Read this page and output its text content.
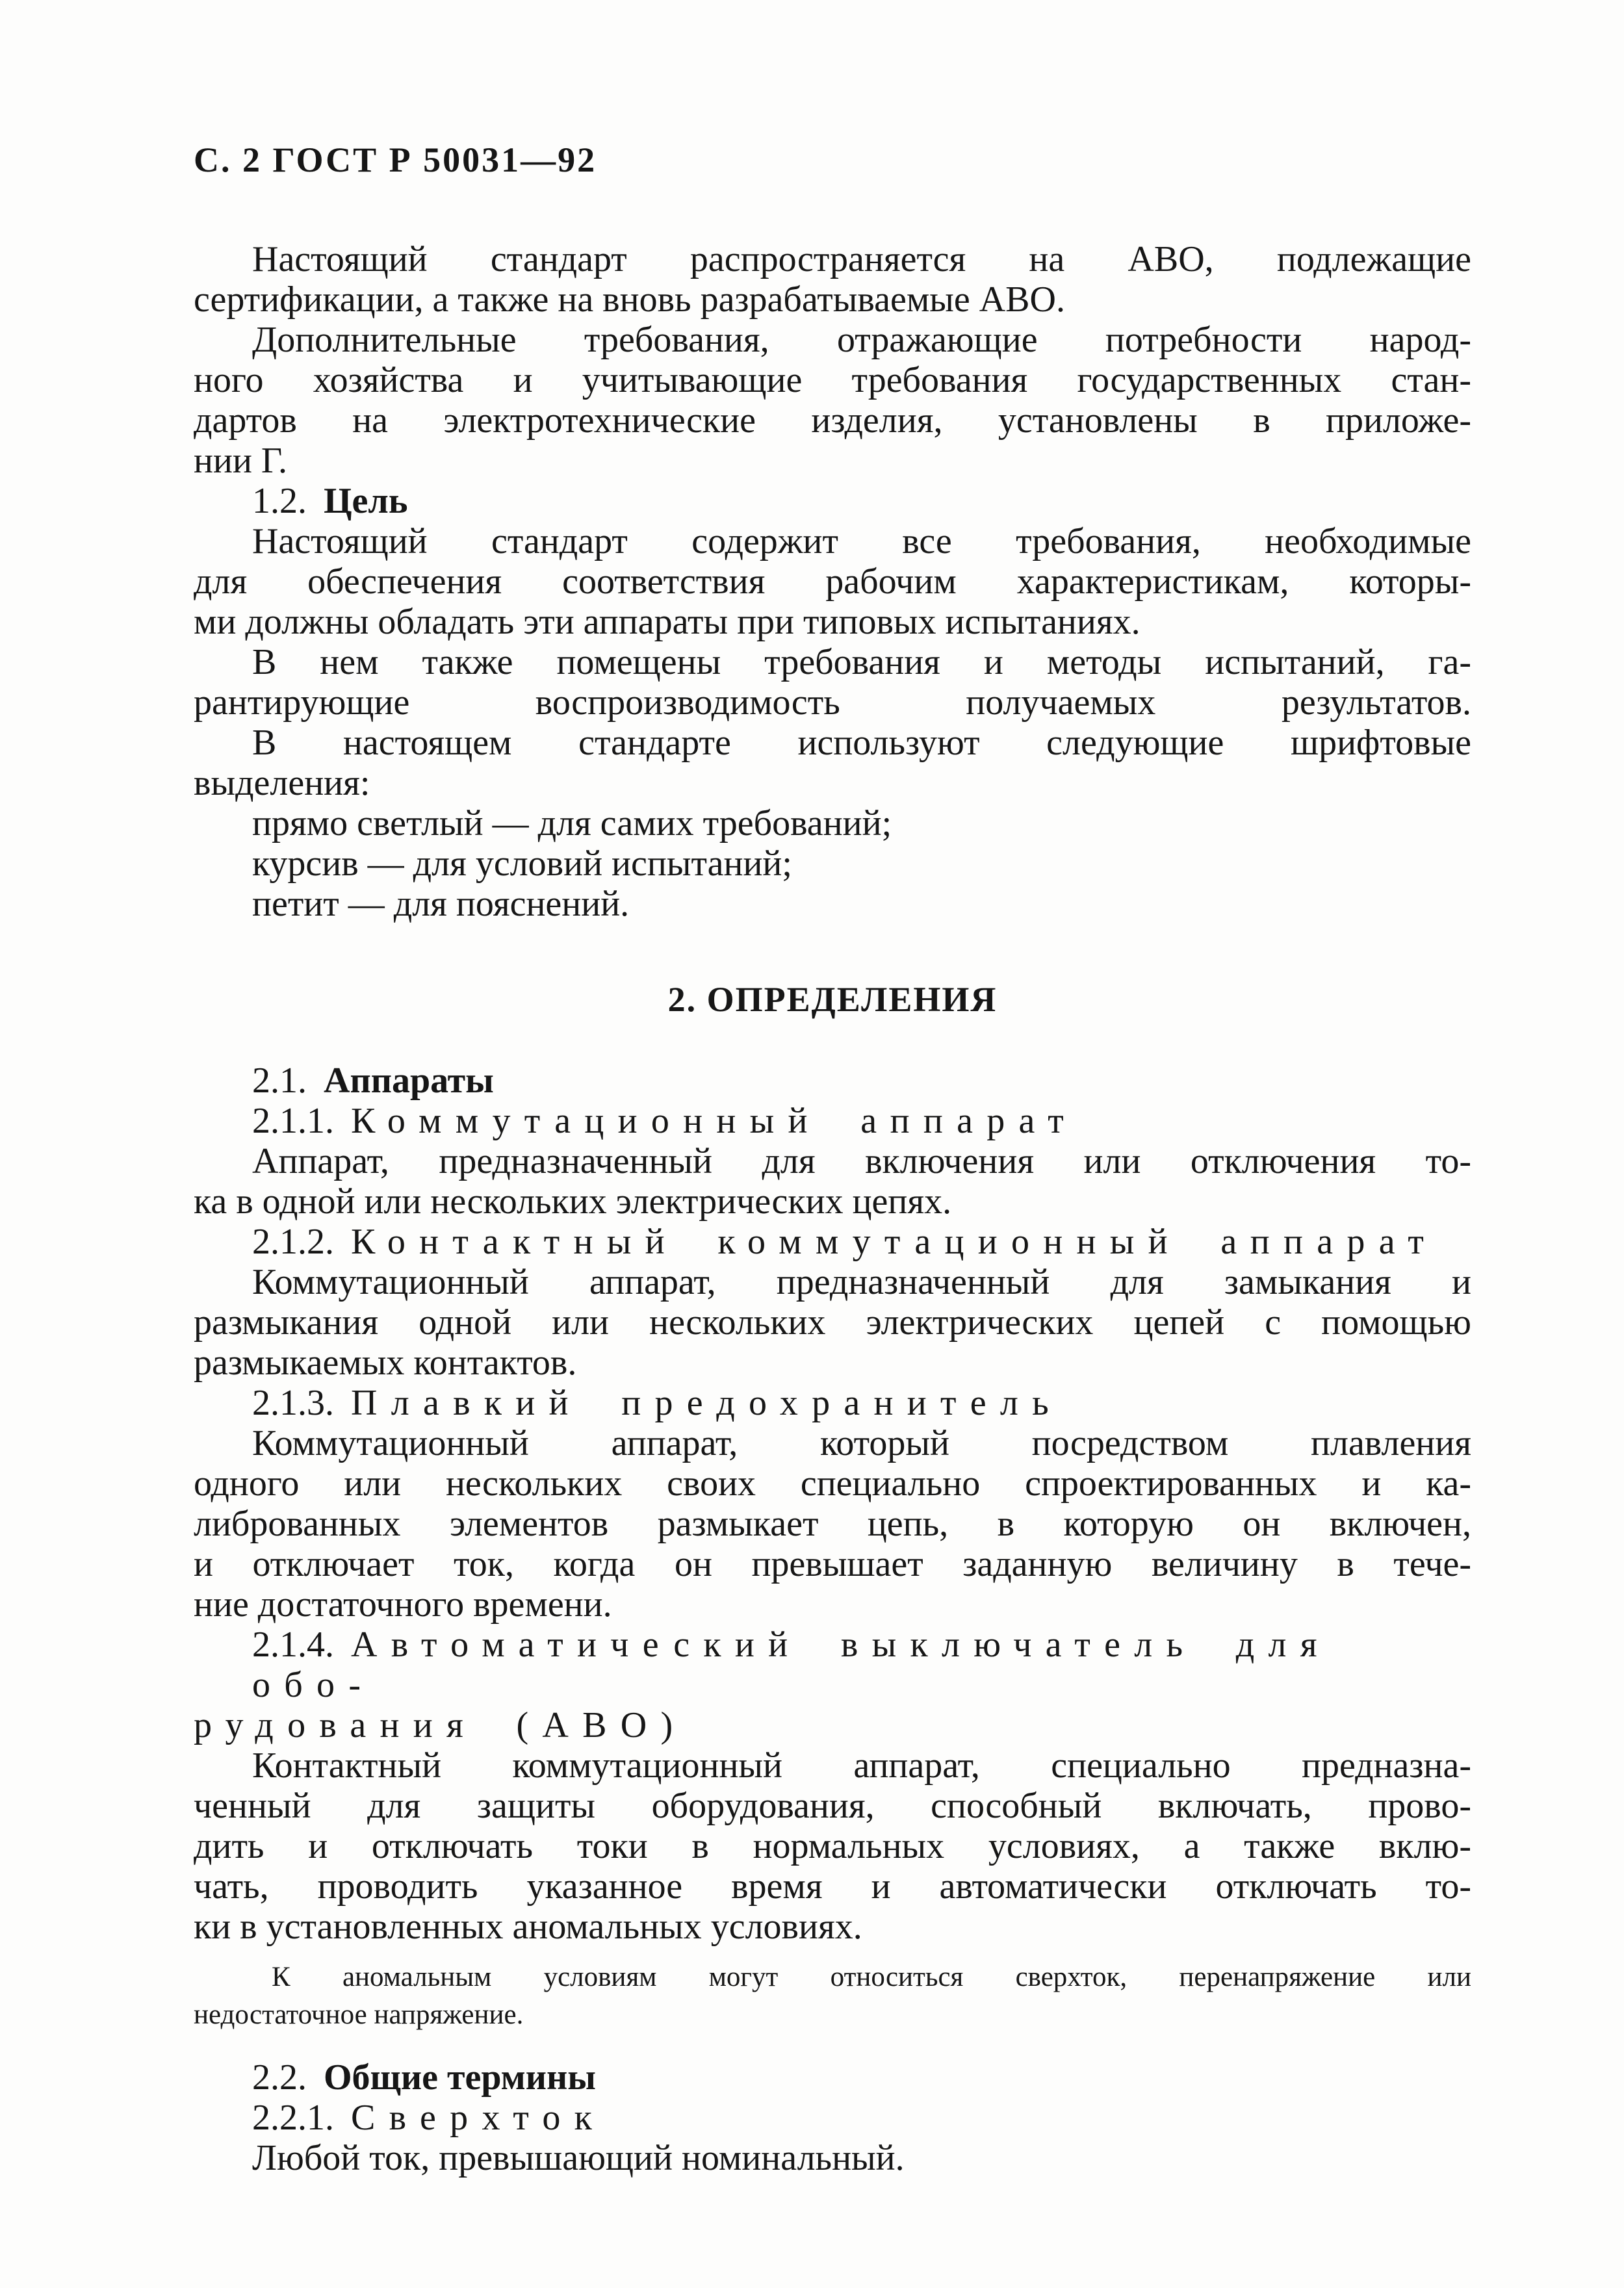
С. 2 ГОСТ Р 50031—92
Настоящий стандарт распространяется на АВО, подлежащие
сертификации, а также на вновь разрабатываемые АВО.
Дополнительные требования, отражающие потребности народ-
ного хозяйства и учитывающие требования государственных стан-
дартов на электротехнические изделия, установлены в приложе-
нии Г.
1.2. Цель
Настоящий стандарт содержит все требования, необходимые
для обеспечения соответствия рабочим характеристикам, которы-
ми должны обладать эти аппараты при типовых испытаниях.
В нем также помещены требования и методы испытаний, га-
рантирующие воспроизводимость получаемых результатов.
В настоящем стандарте используют следующие шрифтовые
выделения:
прямо светлый — для самих требований;
курсив — для условий испытаний;
петит — для пояснений.
2. ОПРЕДЕЛЕНИЯ
2.1. Аппараты
2.1.1. Коммутационный аппарат
Аппарат, предназначенный для включения или отключения то-
ка в одной или нескольких электрических цепях.
2.1.2. Контактный коммутационный аппарат
Коммутационный аппарат, предназначенный для замыкания и
размыкания одной или нескольких электрических цепей с помощью
размыкаемых контактов.
2.1.3. Плавкий предохранитель
Коммутационный аппарат, который посредством плавления
одного или нескольких своих специально спроектированных и ка-
либрованных элементов размыкает цепь, в которую он включен,
и отключает ток, когда он превышает заданную величину в тече-
ние достаточного времени.
2.1.4. Автоматический выключатель для обо-
рудования (АВО)
Контактный коммутационный аппарат, специально предназна-
ченный для защиты оборудования, способный включать, прово-
дить и отключать токи в нормальных условиях, а также вклю-
чать, проводить указанное время и автоматически отключать то-
ки в установленных аномальных условиях.
К аномальным условиям могут относиться сверхток, перенапряжение или
недостаточное напряжение.
2.2. Общие термины
2.2.1. Сверхток
Любой ток, превышающий номинальный.
